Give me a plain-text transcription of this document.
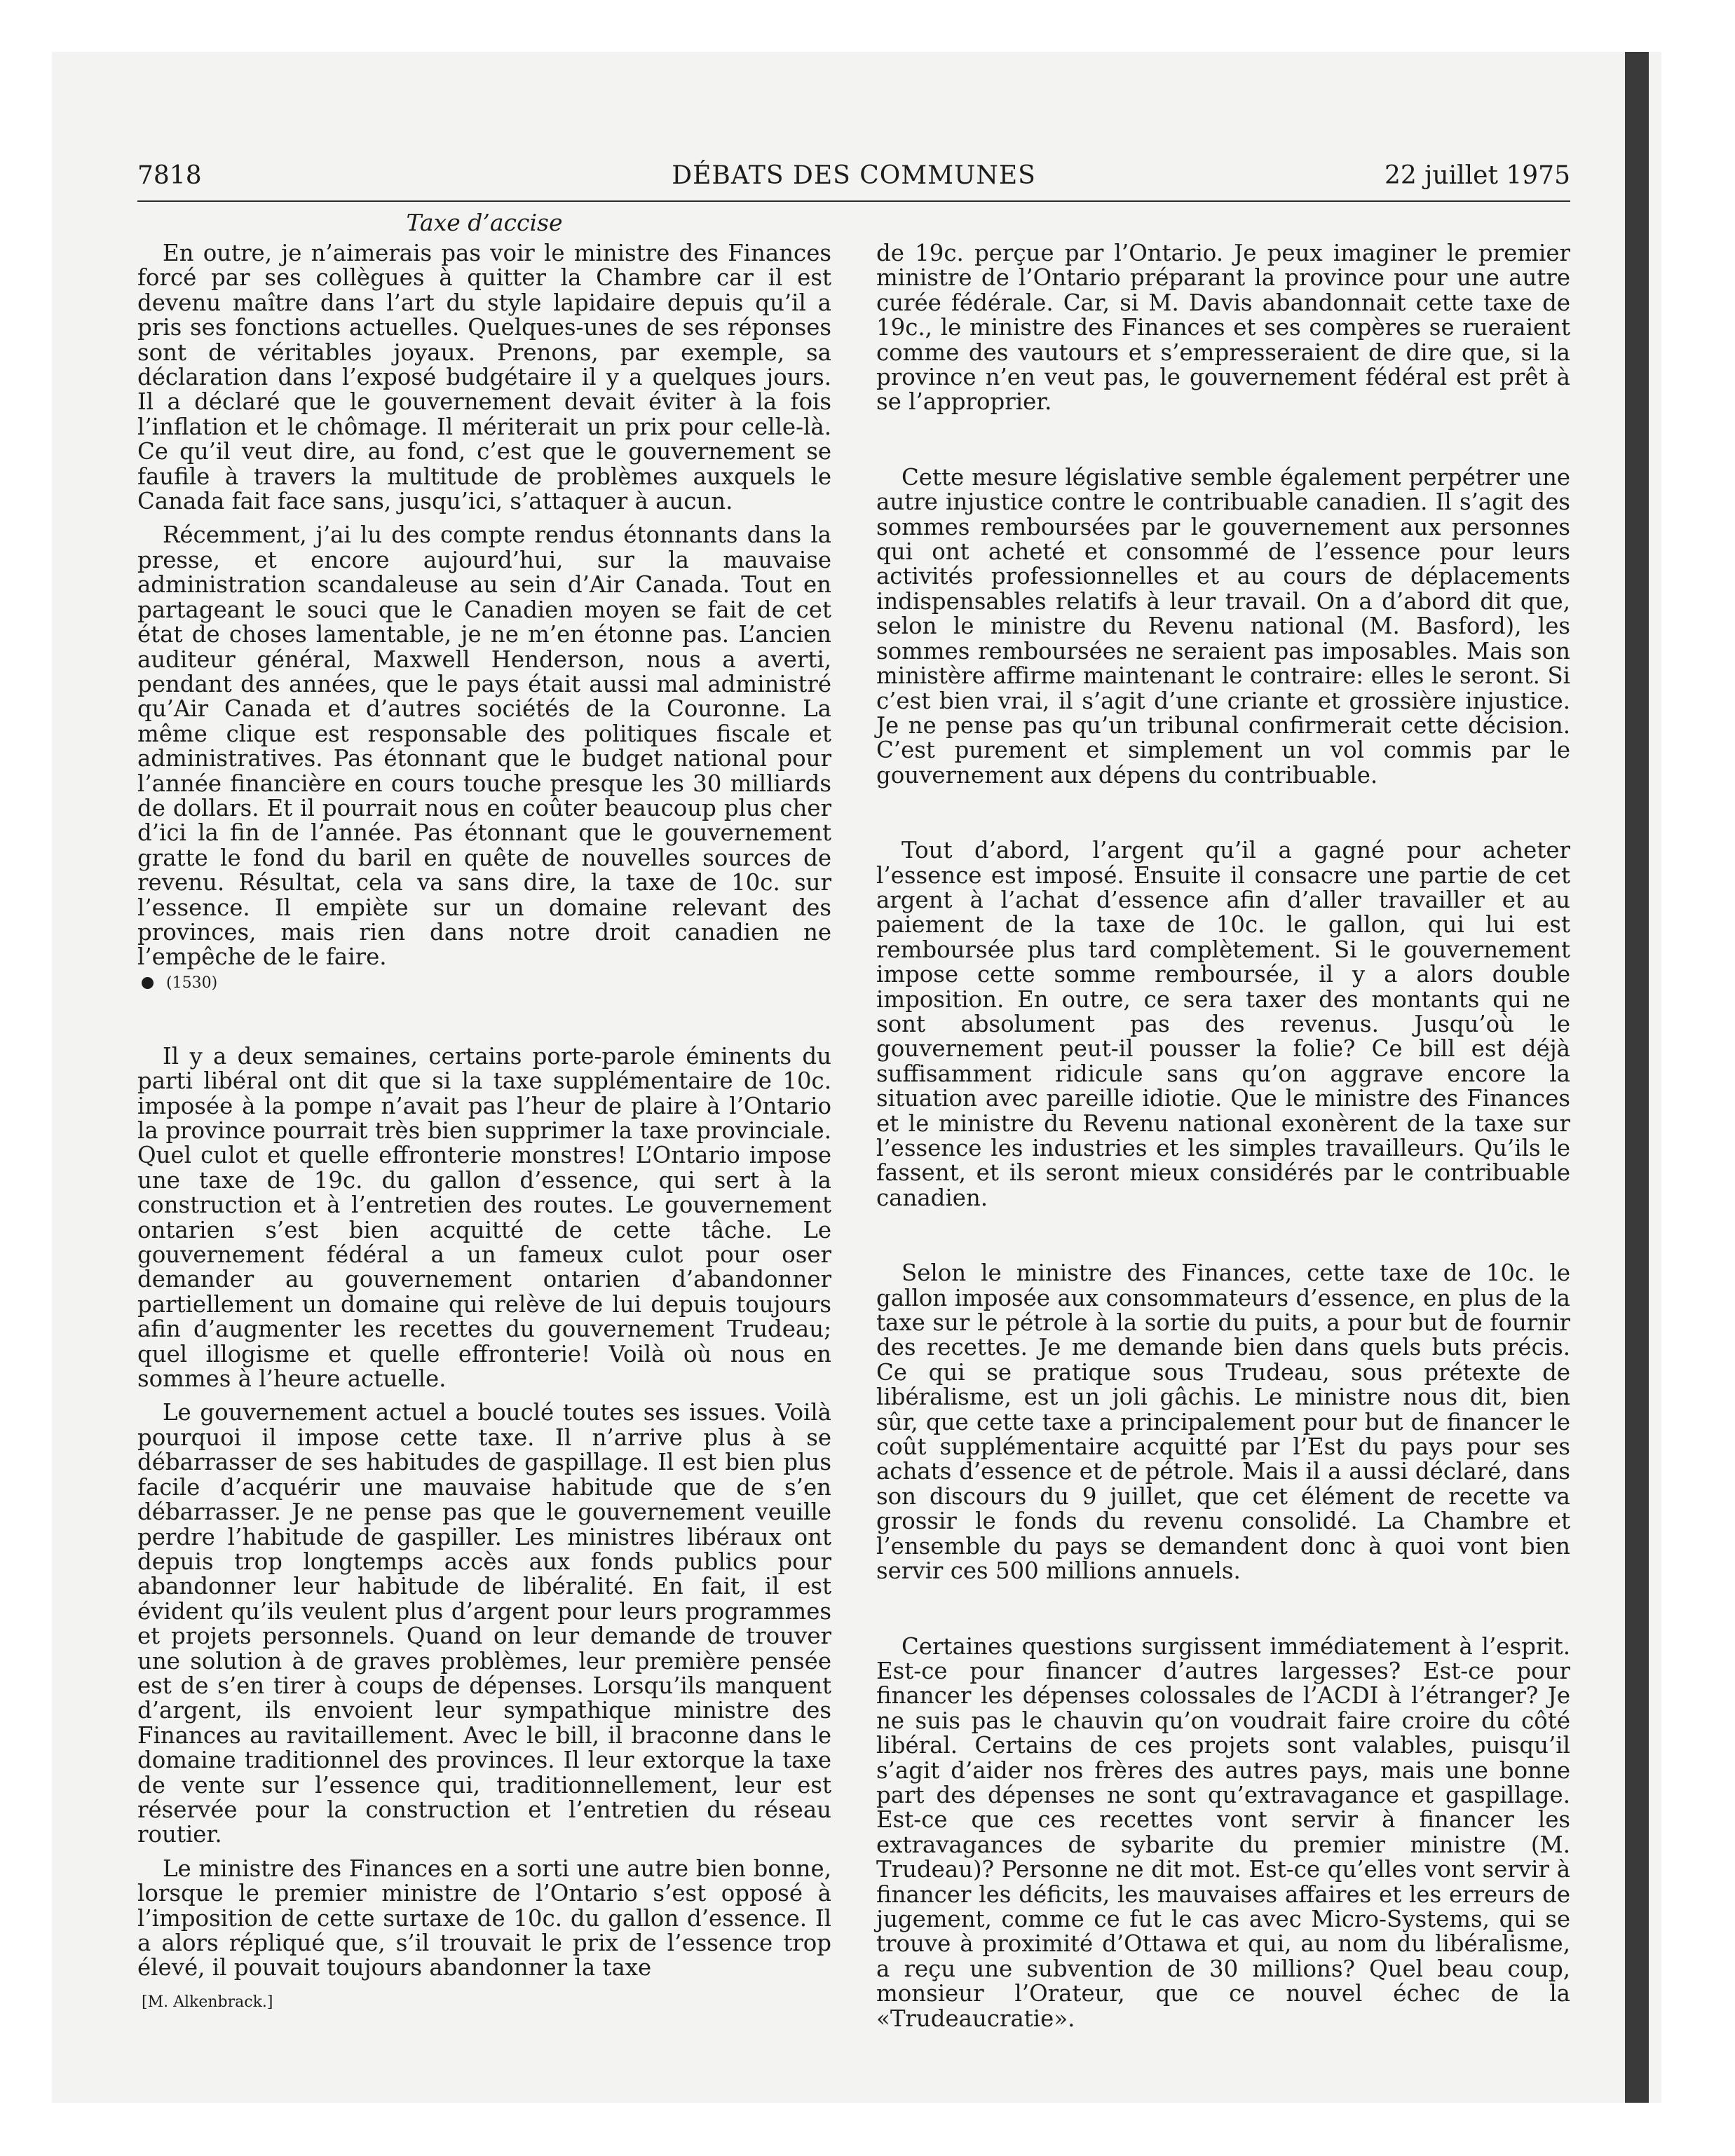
7818	DÉBATS DES COMMUNES	22 juillet 1975
Taxe d’accise

En outre, je n’aimerais pas voir le ministre des Finances forcé par ses collègues à quitter la Chambre car il est devenu maître dans l’art du style lapidaire depuis qu’il a pris ses fonctions actuelles. Quelques-unes de ses réponses sont de véritables joyaux. Prenons, par exemple, sa déclaration dans l’exposé budgétaire il y a quelques jours. Il a déclaré que le gouvernement devait éviter à la fois l’inflation et le chômage. Il mériterait un prix pour celle-là. Ce qu’il veut dire, au fond, c’est que le gouvernement se faufile à travers la multitude de problèmes auxquels le Canada fait face sans, jusqu’ici, s’attaquer à aucun.

Récemment, j’ai lu des compte rendus étonnants dans la presse, et encore aujourd’hui, sur la mauvaise administration scandaleuse au sein d’Air Canada. Tout en partageant le souci que le Canadien moyen se fait de cet état de choses lamentable, je ne m’en étonne pas. L’ancien auditeur général, Maxwell Henderson, nous a averti, pendant des années, que le pays était aussi mal administré qu’Air Canada et d’autres sociétés de la Couronne. La même clique est responsable des politiques fiscale et administratives. Pas étonnant que le budget national pour l’année financière en cours touche presque les 30 milliards de dollars. Et il pourrait nous en coûter beaucoup plus cher d’ici la fin de l’année. Pas étonnant que le gouvernement gratte le fond du baril en quête de nouvelles sources de revenu. Résultat, cela va sans dire, la taxe de 10c. sur l’essence. Il empiète sur un domaine relevant des provinces, mais rien dans notre droit canadien ne l’empêche de le faire.

(1530)

Il y a deux semaines, certains porte-parole éminents du parti libéral ont dit que si la taxe supplémentaire de 10c. imposée à la pompe n’avait pas l’heur de plaire à l’Ontario la province pourrait très bien supprimer la taxe provinciale. Quel culot et quelle effronterie monstres! L’Ontario impose une taxe de 19c. du gallon d’essence, qui sert à la construction et à l’entretien des routes. Le gouvernement ontarien s’est bien acquitté de cette tâche. Le gouvernement fédéral a un fameux culot pour oser demander au gouvernement ontarien d’abandonner partiellement un domaine qui relève de lui depuis toujours afin d’augmenter les recettes du gouvernement Trudeau; quel illogisme et quelle effronterie! Voilà où nous en sommes à l’heure actuelle.

Le gouvernement actuel a bouclé toutes ses issues. Voilà pourquoi il impose cette taxe. Il n’arrive plus à se débarrasser de ses habitudes de gaspillage. Il est bien plus facile d’acquérir une mauvaise habitude que de s’en débarrasser. Je ne pense pas que le gouvernement veuille perdre l’habitude de gaspiller. Les ministres libéraux ont depuis trop longtemps accès aux fonds publics pour abandonner leur habitude de libéralité. En fait, il est évident qu’ils veulent plus d’argent pour leurs programmes et projets personnels. Quand on leur demande de trouver une solution à de graves problèmes, leur première pensée est de s’en tirer à coups de dépenses. Lorsqu’ils manquent d’argent, ils envoient leur sympathique ministre des Finances au ravitaillement. Avec le bill, il braconne dans le domaine traditionnel des provinces. Il leur extorque la taxe de vente sur l’essence qui, traditionnellement, leur est réservée pour la construction et l’entretien du réseau routier.

Le ministre des Finances en a sorti une autre bien bonne, lorsque le premier ministre de l’Ontario s’est opposé à l’imposition de cette surtaxe de 10c. du gallon d’essence. Il a alors répliqué que, s’il trouvait le prix de l’essence trop élevé, il pouvait toujours abandonner la taxe

[M. Alkenbrack.]

de 19c. perçue par l’Ontario. Je peux imaginer le premier ministre de l’Ontario préparant la province pour une autre curée fédérale. Car, si M. Davis abandonnait cette taxe de 19c., le ministre des Finances et ses compères se rueraient comme des vautours et s’empresseraient de dire que, si la province n’en veut pas, le gouvernement fédéral est prêt à se l’approprier.

Cette mesure législative semble également perpétrer une autre injustice contre le contribuable canadien. Il s’agit des sommes remboursées par le gouvernement aux personnes qui ont acheté et consommé de l’essence pour leurs activités professionnelles et au cours de déplacements indispensables relatifs à leur travail. On a d’abord dit que, selon le ministre du Revenu national (M. Basford), les sommes remboursées ne seraient pas imposables. Mais son ministère affirme maintenant le contraire: elles le seront. Si c’est bien vrai, il s’agit d’une criante et grossière injustice. Je ne pense pas qu’un tribunal confirmerait cette décision. C’est purement et simplement un vol commis par le gouvernement aux dépens du contribuable.

Tout d’abord, l’argent qu’il a gagné pour acheter l’essence est imposé. Ensuite il consacre une partie de cet argent à l’achat d’essence afin d’aller travailler et au paiement de la taxe de 10c. le gallon, qui lui est remboursée plus tard complètement. Si le gouvernement impose cette somme remboursée, il y a alors double imposition. En outre, ce sera taxer des montants qui ne sont absolument pas des revenus. Jusqu’où le gouvernement peut-il pousser la folie? Ce bill est déjà suffisamment ridicule sans qu’on aggrave encore la situation avec pareille idiotie. Que le ministre des Finances et le ministre du Revenu national exonèrent de la taxe sur l’essence les industries et les simples travailleurs. Qu’ils le fassent, et ils seront mieux considérés par le contribuable canadien.

Selon le ministre des Finances, cette taxe de 10c. le gallon imposée aux consommateurs d’essence, en plus de la taxe sur le pétrole à la sortie du puits, a pour but de fournir des recettes. Je me demande bien dans quels buts précis. Ce qui se pratique sous Trudeau, sous prétexte de libéralisme, est un joli gâchis. Le ministre nous dit, bien sûr, que cette taxe a principalement pour but de financer le coût supplémentaire acquitté par l’Est du pays pour ses achats d’essence et de pétrole. Mais il a aussi déclaré, dans son discours du 9 juillet, que cet élément de recette va grossir le fonds du revenu consolidé. La Chambre et l’ensemble du pays se demandent donc à quoi vont bien servir ces 500 millions annuels.

Certaines questions surgissent immédiatement à l’esprit. Est-ce pour financer d’autres largesses? Est-ce pour financer les dépenses colossales de l’ACDI à l’étranger? Je ne suis pas le chauvin qu’on voudrait faire croire du côté libéral. Certains de ces projets sont valables, puisqu’il s’agit d’aider nos frères des autres pays, mais une bonne part des dépenses ne sont qu’extravagance et gaspillage. Est-ce que ces recettes vont servir à financer les extravagances de sybarite du premier ministre (M. Trudeau)? Personne ne dit mot. Est-ce qu’elles vont servir à financer les déficits, les mauvaises affaires et les erreurs de jugement, comme ce fut le cas avec Micro-Systems, qui se trouve à proximité d’Ottawa et qui, au nom du libéralisme, a reçu une subvention de 30 millions? Quel beau coup, monsieur l’Orateur, que ce nouvel échec de la «Trudeaucratie».
